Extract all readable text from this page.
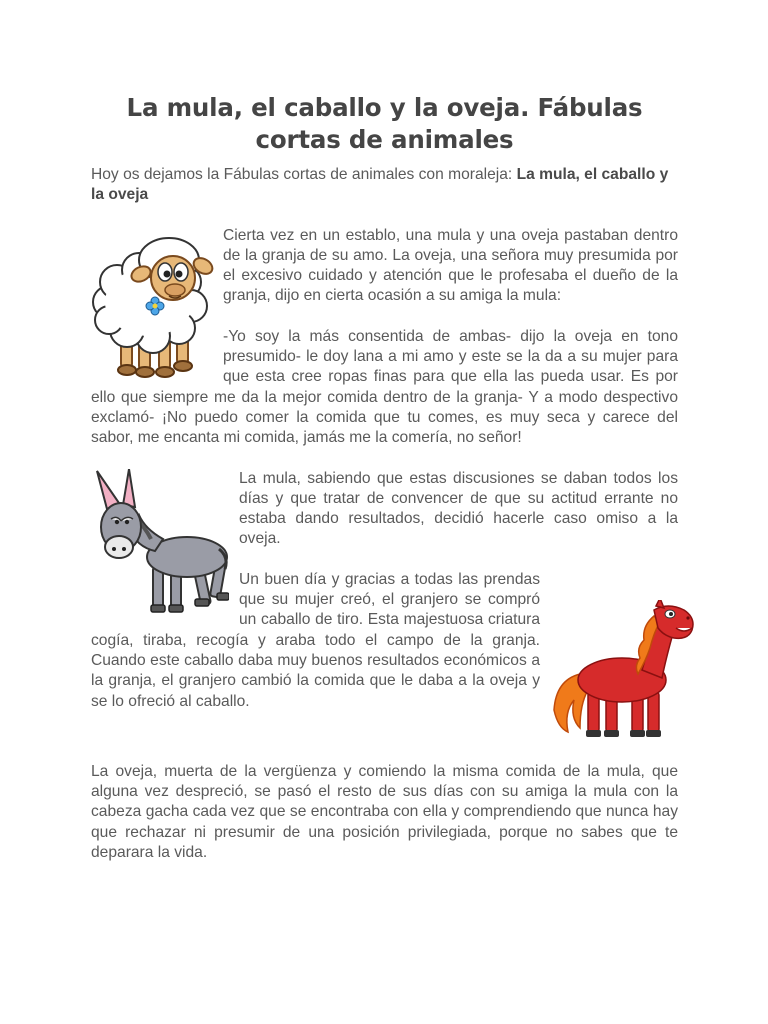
La mula, el caballo y la oveja. Fábulas cortas de animales

Hoy os dejamos la Fábulas cortas de animales con moraleja: La mula, el caballo y la oveja

Cierta vez en un establo, una mula y una oveja pastaban dentro de la granja de su amo. La oveja, una señora muy presumida por el excesivo cuidado y atención que le profesaba el dueño de la granja, dijo en cierta ocasión a su amiga la mula:

-Yo soy la más consentida de ambas- dijo la oveja en tono presumido- le doy lana a mi amo y este se la da a su mujer para que esta cree ropas finas para que ella las pueda usar. Es por ello que siempre me da la mejor comida dentro de la granja- Y a modo despectivo exclamó- ¡No puedo comer la comida que tu comes, es muy seca y carece del sabor, me encanta mi comida, jamás me la comería, no señor!

La mula, sabiendo que estas discusiones se daban todos los días y que tratar de convencer de que su actitud errante no estaba dando resultados, decidió hacerle caso omiso a la oveja.

Un buen día y gracias a todas las prendas que su mujer creó, el granjero se compró un caballo de tiro. Esta majestuosa criatura cogía, tiraba, recogía y araba todo el campo de la granja. Cuando este caballo daba muy buenos resultados económicos a la granja, el granjero cambió la comida que le daba a la oveja y se lo ofreció al caballo.

La oveja, muerta de la vergüenza y comiendo la misma comida de la mula, que alguna vez despreció, se pasó el resto de sus días con su amiga la mula con la cabeza gacha cada vez que se encontraba con ella y comprendiendo que nunca hay que rechazar ni presumir de una posición privilegiada, porque no sabes que te deparara la vida.
